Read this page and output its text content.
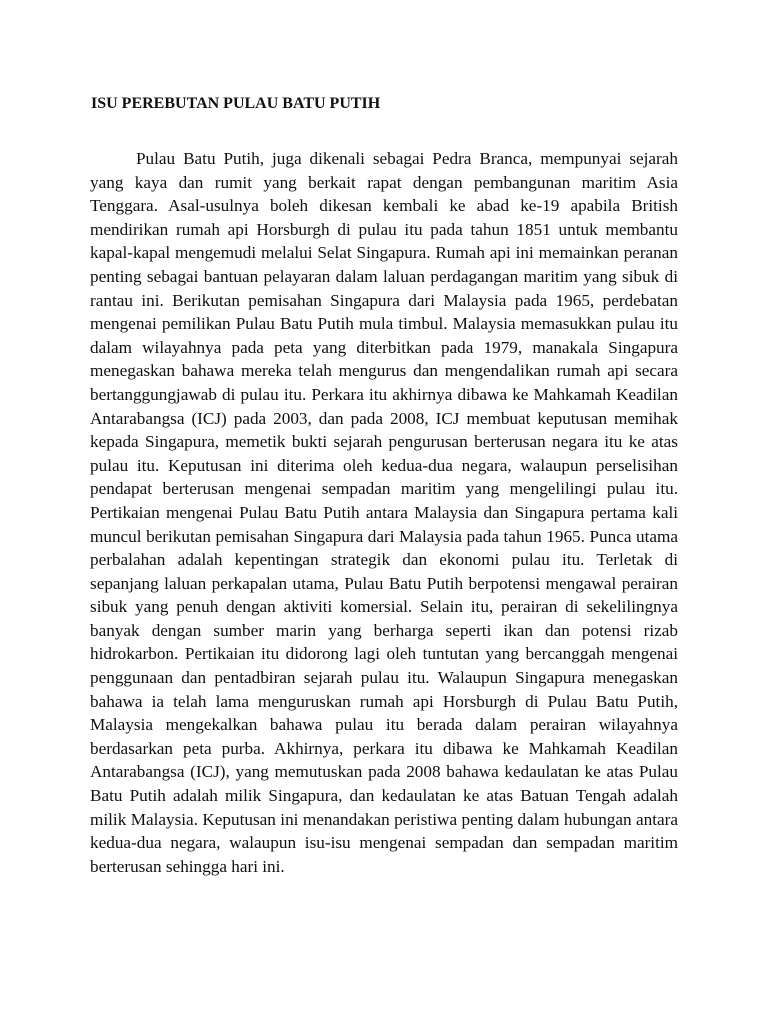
ISU PEREBUTAN PULAU BATU PUTIH

Pulau Batu Putih, juga dikenali sebagai Pedra Branca, mempunyai sejarah yang kaya dan rumit yang berkait rapat dengan pembangunan maritim Asia Tenggara. Asal-usulnya boleh dikesan kembali ke abad ke-19 apabila British mendirikan rumah api Horsburgh di pulau itu pada tahun 1851 untuk membantu kapal-kapal mengemudi melalui Selat Singapura. Rumah api ini memainkan peranan penting sebagai bantuan pelayaran dalam laluan perdagangan maritim yang sibuk di rantau ini. Berikutan pemisahan Singapura dari Malaysia pada 1965, perdebatan mengenai pemilikan Pulau Batu Putih mula timbul. Malaysia memasukkan pulau itu dalam wilayahnya pada peta yang diterbitkan pada 1979, manakala Singapura menegaskan bahawa mereka telah mengurus dan mengendalikan rumah api secara bertanggungjawab di pulau itu. Perkara itu akhirnya dibawa ke Mahkamah Keadilan Antarabangsa (ICJ) pada 2003, dan pada 2008, ICJ membuat keputusan memihak kepada Singapura, memetik bukti sejarah pengurusan berterusan negara itu ke atas pulau itu. Keputusan ini diterima oleh kedua-dua negara, walaupun perselisihan pendapat berterusan mengenai sempadan maritim yang mengelilingi pulau itu. Pertikaian mengenai Pulau Batu Putih antara Malaysia dan Singapura pertama kali muncul berikutan pemisahan Singapura dari Malaysia pada tahun 1965. Punca utama perbalahan adalah kepentingan strategik dan ekonomi pulau itu. Terletak di sepanjang laluan perkapalan utama, Pulau Batu Putih berpotensi mengawal perairan sibuk yang penuh dengan aktiviti komersial. Selain itu, perairan di sekelilingnya banyak dengan sumber marin yang berharga seperti ikan dan potensi rizab hidrokarbon. Pertikaian itu didorong lagi oleh tuntutan yang bercanggah mengenai penggunaan dan pentadbiran sejarah pulau itu. Walaupun Singapura menegaskan bahawa ia telah lama menguruskan rumah api Horsburgh di Pulau Batu Putih, Malaysia mengekalkan bahawa pulau itu berada dalam perairan wilayahnya berdasarkan peta purba. Akhirnya, perkara itu dibawa ke Mahkamah Keadilan Antarabangsa (ICJ), yang memutuskan pada 2008 bahawa kedaulatan ke atas Pulau Batu Putih adalah milik Singapura, dan kedaulatan ke atas Batuan Tengah adalah milik Malaysia. Keputusan ini menandakan peristiwa penting dalam hubungan antara kedua-dua negara, walaupun isu-isu mengenai sempadan dan sempadan maritim berterusan sehingga hari ini.
